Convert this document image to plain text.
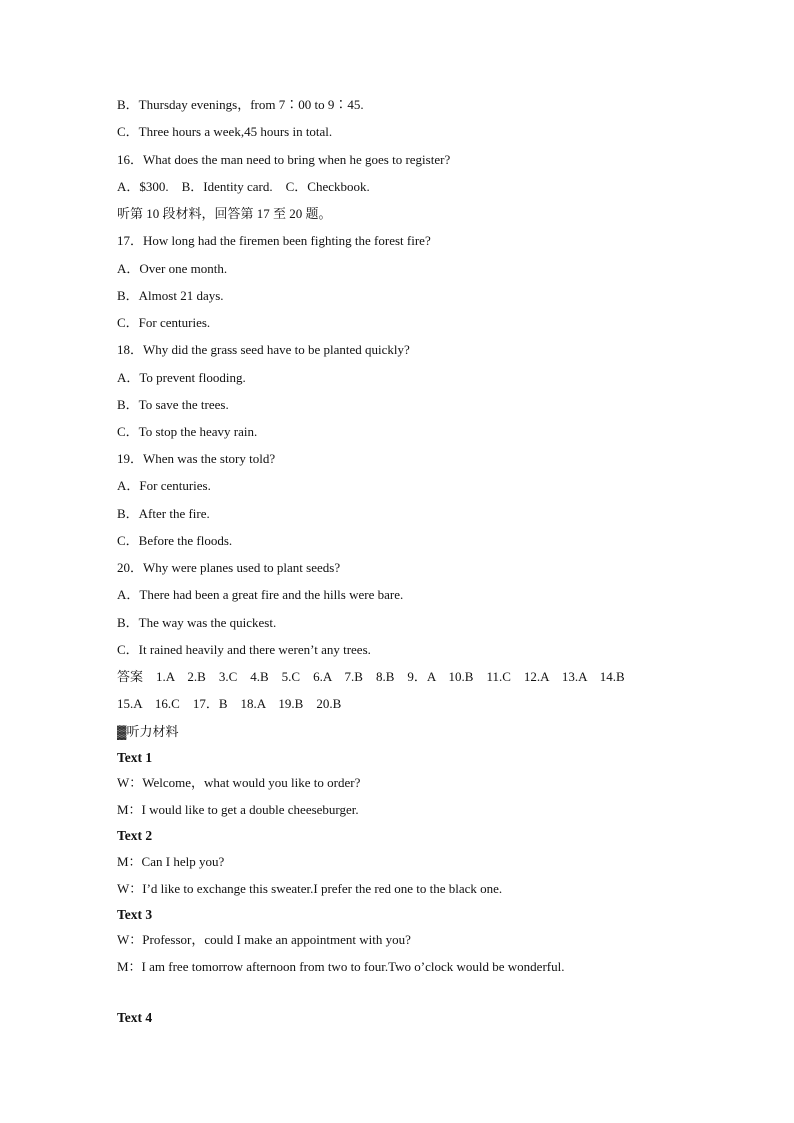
B．Thursday evenings，from 7∶00 to 9∶45.
C．Three hours a week,45 hours in total.
16．What does the man need to bring when he goes to register?
A．$300.　B．Identity card.　C．Checkbook.
听第 10 段材料，回答第 17 至 20 题。
17．How long had the firemen been fighting the forest fire?
A．Over one month.
B．Almost 21 days.
C．For centuries.
18．Why did the grass seed have to be planted quickly?
A．To prevent flooding.
B．To save the trees.
C．To stop the heavy rain.
19．When was the story told?
A．For centuries.
B．After the fire.
C．Before the floods.
20．Why were planes used to plant seeds?
A．There had been a great fire and the hills were bare.
B．The way was the quickest.
C．It rained heavily and there weren’t any trees.
答案　1.A　2.B　3.C　4.B　5.C　6.A　7.B　8.B　9．A　10.B　11.C　12.A　13.A　14.B
15.A　16.C　17．B　18.A　19.B　20.B
▓听力材料
Text 1
W：Welcome，what would you like to order?
M：I would like to get a double cheeseburger.
Text 2
M：Can I help you?
W：I’d like to exchange this sweater.I prefer the red one to the black one.
Text 3
W：Professor，could I make an appointment with you?
M：I am free tomorrow afternoon from two to four.Two o’clock would be wonderful.
Text 4
